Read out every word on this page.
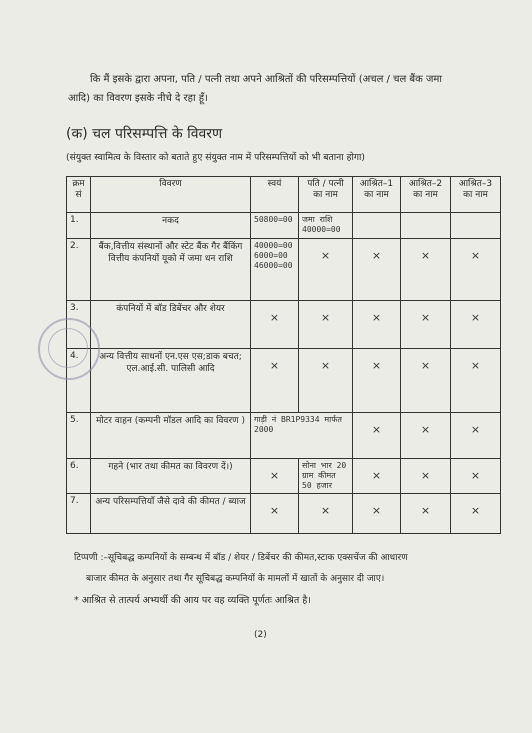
कि मैं इसके द्वारा अपना, पति / पत्नी तथा अपने आश्रितों की परिसम्पत्तियों (अचल / चल बैंक जमा
आदि) का विवरण इसके नीचे दे रहा हूँ।
(क) चल परिसम्पत्ति के विवरण
(संयुक्त स्वामित्व के विस्तार को बताते हुए संयुक्त नाम में परिसम्पत्तियों को भी बताना होगा)
क्रम सं	विवरण	स्वयं	पति / पत्नी का नाम	आश्रित–1 का नाम	आश्रित–2 का नाम	आश्रित–3 का नाम
1.	नकद	50800=00	जमा राशि 40000=00			
2.	बैंक,वित्तीय संस्थानों और स्टेट बैंक गैर बैंकिंग वित्तीय कंपनियों यूको में जमा धन राशि	40000=00 6000=00 46000=00	×	×	×	×

3.	कंपनियों में बॉड डिबेंचर और शेयर	×	×	×	×	×

4.	अन्य वित्तीय साधनों एन.एस एस;डाक बचत; एल.आई.सी. पालिसी आदि	×	×	×	×	×

5.	मोटर वाहन (कम्पनी मॉडल आदि का विवरण )	गाड़ी नं BR1P9334 मार्फत 2000		×	×	×

6.	गहने (भार तथा कीमत का विवरण दें।)	×	सोना भार 20 ग्राम कीमत 50 हजार	×	×	×

7.	अन्य परिसम्पत्तियाँ जैसे दावे की कीमत / ब्याज	×	×	×	×	×
टिप्पणी :–सूचिबद्ध कम्पनियों के सम्बन्ध में बॉड / शेयर / डिबेंचर की कीमत,स्टाक एक्सचेंज की आधारण
बाजार कीमत के अनुसार तथा गैर सूचिबद्ध कम्पनियों के मामलों में खातों के अनुसार दी जाए।
* आश्रित से तात्पर्य अभ्यर्थी की आय पर वह व्यक्ति पूर्णतः आश्रित है।
(2)
